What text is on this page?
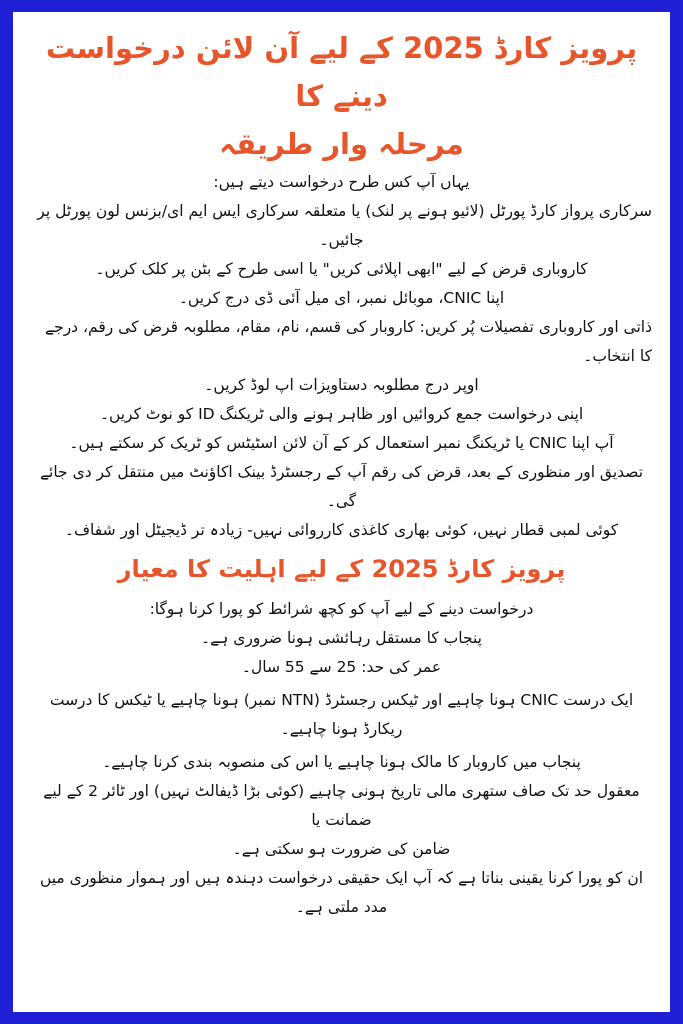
پرویز کارڈ 2025 کے لیے آن لائن درخواست دینے کا
مرحلہ وار طریقہ

یہاں آپ کس طرح درخواست دیتے ہیں:

سرکاری پرواز کارڈ پورٹل (لائیو ہونے پر لنک) یا متعلقہ سرکاری ایس ایم ای/بزنس لون پورٹل پر

جائیں۔

کاروباری قرض کے لیے "ابھی اپلائی کریں" یا اسی طرح کے بٹن پر کلک کریں۔

اپنا CNIC، موبائل نمبر، ای میل آئی ڈی درج کریں۔

ذاتی اور کاروباری تفصیلات پُر کریں: کاروبار کی قسم، نام، مقام، مطلوبہ قرض کی رقم، درجے کا انتخاب۔

اوپر درج مطلوبہ دستاویزات اپ لوڈ کریں۔

اپنی درخواست جمع کروائیں اور ظاہر ہونے والی ٹریکنگ ID کو نوٹ کریں۔

آپ اپنا CNIC یا ٹریکنگ نمبر استعمال کر کے آن لائن اسٹیٹس کو ٹریک کر سکتے ہیں۔

تصدیق اور منظوری کے بعد، قرض کی رقم آپ کے رجسٹرڈ بینک اکاؤنٹ میں منتقل کر دی جائے گی۔

کوئی لمبی قطار نہیں، کوئی بھاری کاغذی کارروائی نہیں- زیادہ تر ڈیجیٹل اور شفاف۔

پرویز کارڈ 2025 کے لیے اہلیت کا معیار

درخواست دینے کے لیے آپ کو کچھ شرائط کو پورا کرنا ہوگا:

پنجاب کا مستقل رہائشی ہونا ضروری ہے۔

عمر کی حد: 25 سے 55 سال۔

ایک درست CNIC ہونا چاہیے اور ٹیکس رجسٹرڈ (NTN نمبر) ہونا چاہیے یا ٹیکس کا درست

ریکارڈ ہونا چاہیے۔

پنجاب میں کاروبار کا مالک ہونا چاہیے یا اس کی منصوبہ بندی کرنا چاہیے۔

معقول حد تک صاف ستھری مالی تاریخ ہونی چاہیے (کوئی بڑا ڈیفالٹ نہیں) اور ٹائر 2 کے لیے ضمانت یا

ضامن کی ضرورت ہو سکتی ہے۔

ان کو پورا کرنا یقینی بناتا ہے کہ آپ ایک حقیقی درخواست دہندہ ہیں اور ہموار منظوری میں مدد ملتی ہے۔
